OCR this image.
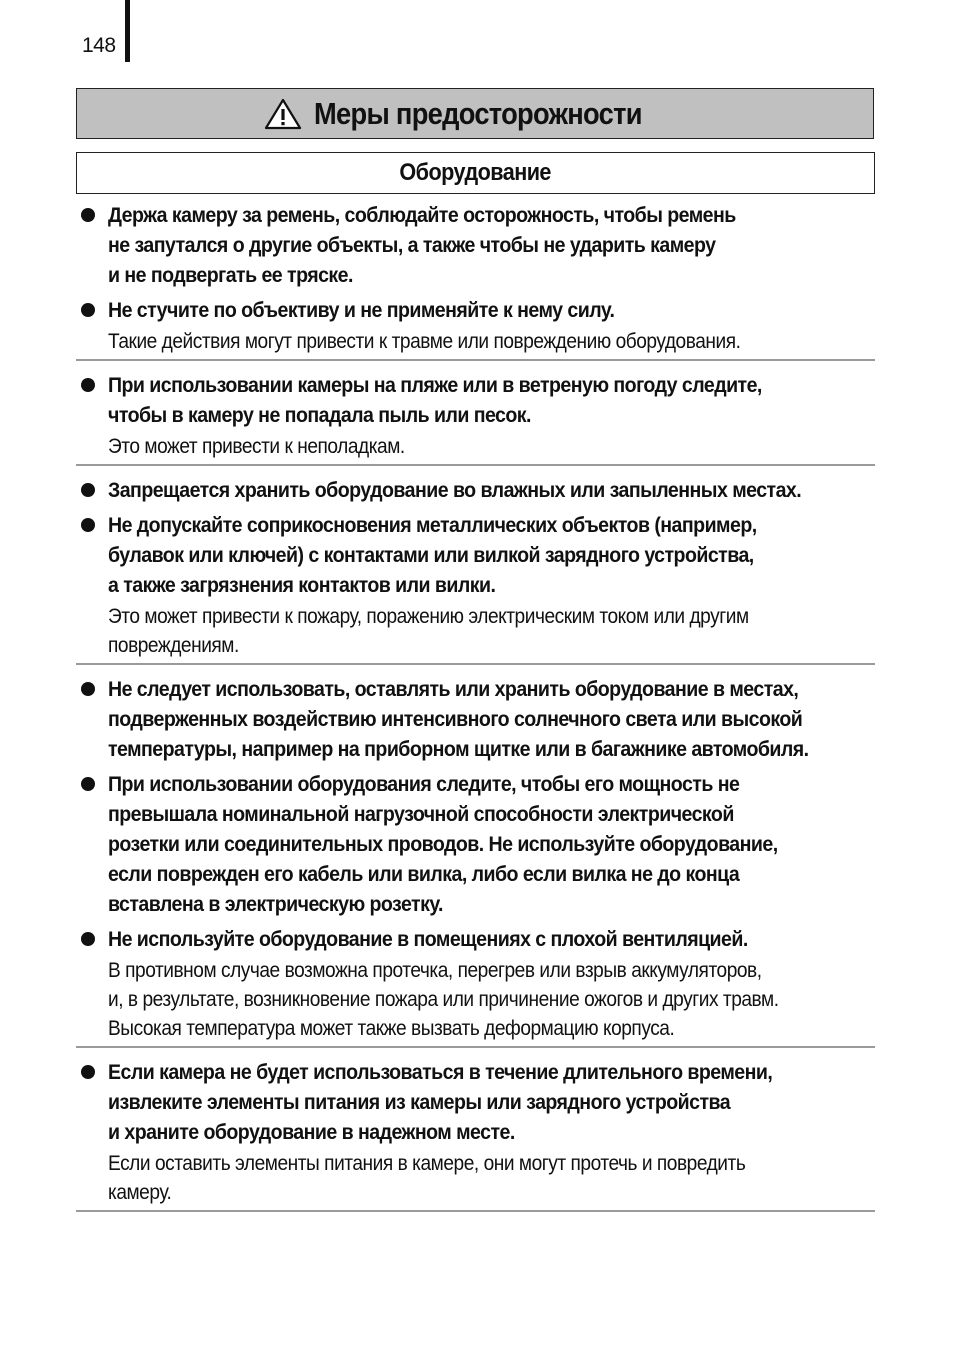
148
Меры предосторожности
Оборудование
Держа камеру за ремень, соблюдайте осторожность, чтобы ремень
не запутался о другие объекты, а также чтобы не ударить камеру
и не подвергать ее тряске.
Не стучите по объективу и не применяйте к нему силу.
Такие действия могут привести к травме или повреждению оборудования.
При использовании камеры на пляже или в ветреную погоду следите,
чтобы в камеру не попадала пыль или песок.
Это может привести к неполадкам.
Запрещается хранить оборудование во влажных или запыленных местах.
Не допускайте соприкосновения металлических объектов (например,
булавок или ключей) с контактами или вилкой зарядного устройства,
а также загрязнения контактов или вилки.
Это может привести к пожару, поражению электрическим током или другим
повреждениям.
Не следует использовать, оставлять или хранить оборудование в местах,
подверженных воздействию интенсивного солнечного света или высокой
температуры, например на приборном щитке или в багажнике автомобиля.
При использовании оборудования следите, чтобы его мощность не
превышала номинальной нагрузочной способности электрической
розетки или соединительных проводов. Не используйте оборудование,
если поврежден его кабель или вилка, либо если вилка не до конца
вставлена в электрическую розетку.
Не используйте оборудование в помещениях с плохой вентиляцией.
В противном случае возможна протечка, перегрев или взрыв аккумуляторов,
и, в результате, возникновение пожара или причинение ожогов и других травм.
Высокая температура может также вызвать деформацию корпуса.
Если камера не будет использоваться в течение длительного времени,
извлеките элементы питания из камеры или зарядного устройства
и храните оборудование в надежном месте.
Если оставить элементы питания в камере, они могут протечь и повредить
камеру.
